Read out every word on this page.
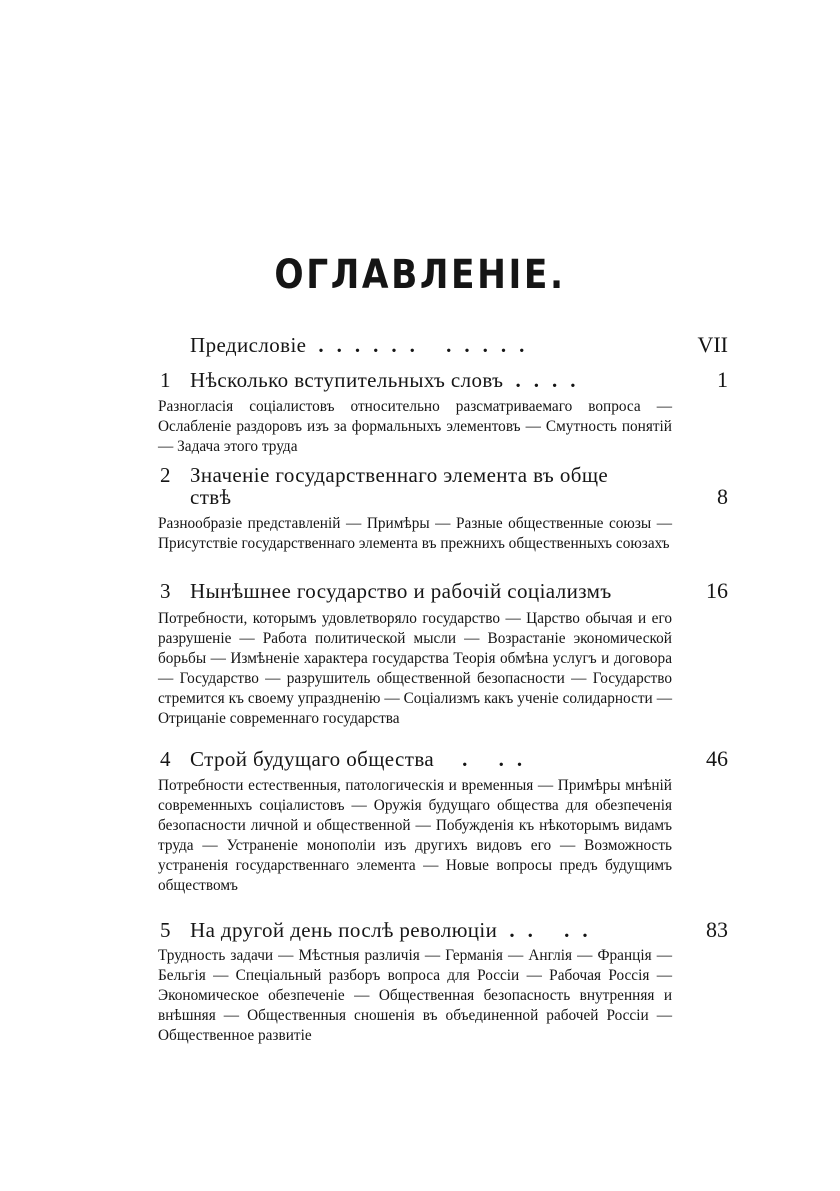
ОГЛАВЛЕНІЕ.
Предисловіе ...... .....	VII
1 Нѣсколько вступительныхъ словъ ....	1
Разногласія соціалистовъ относительно разсматриваемаго вопроса — Ослабленіе раздоровъ изъ за формальныхъ элементовъ — Смутность понятій — Задача этого труда
2 Значеніе государственнаго элемента въ обще
ствѣ	8
Разнообразіе представленій — Примѣры — Разные общественные союзы — Присутствіе государственнаго элемента въ прежнихъ общественныхъ союзахъ
3 Нынѣшнее государство и рабочій соціализмъ	16
Потребности, которымъ удовлетворяло государство — Царство обычая и его разрушеніе — Работа политической мысли — Возрастаніе экономической борьбы — Измѣненіе характера государства Теорія обмѣна услугъ и договора — Государство — разрушитель общественной безопасности — Государство стремится къ своему упраздненію — Соціализмъ какъ ученіе солидарности — Отрицаніе современнаго государства
4 Строй будущаго общества . ..	46
Потребности естественныя, патологическія и временныя — Примѣры мнѣній современныхъ соціалистовъ — Оружія будущаго общества для обезпеченія безопасности личной и общественной — Побужденія къ нѣкоторымъ видамъ труда — Устраненіе монополіи изъ другихъ видовъ его — Возможность устраненія государственнаго элемента — Новые вопросы предъ будущимъ обществомъ
5 На другой день послѣ революціи .. ..	83
Трудность задачи — Мѣстныя различія — Германія — Англія — Франція — Бельгія — Спеціальный разборъ вопроса для Россіи — Рабочая Россія — Экономическое обезпеченіе — Общественная безопасность внутренняя и внѣшняя — Общественныя сношенія въ объединенной рабочей Россіи — Общественное развитіе
